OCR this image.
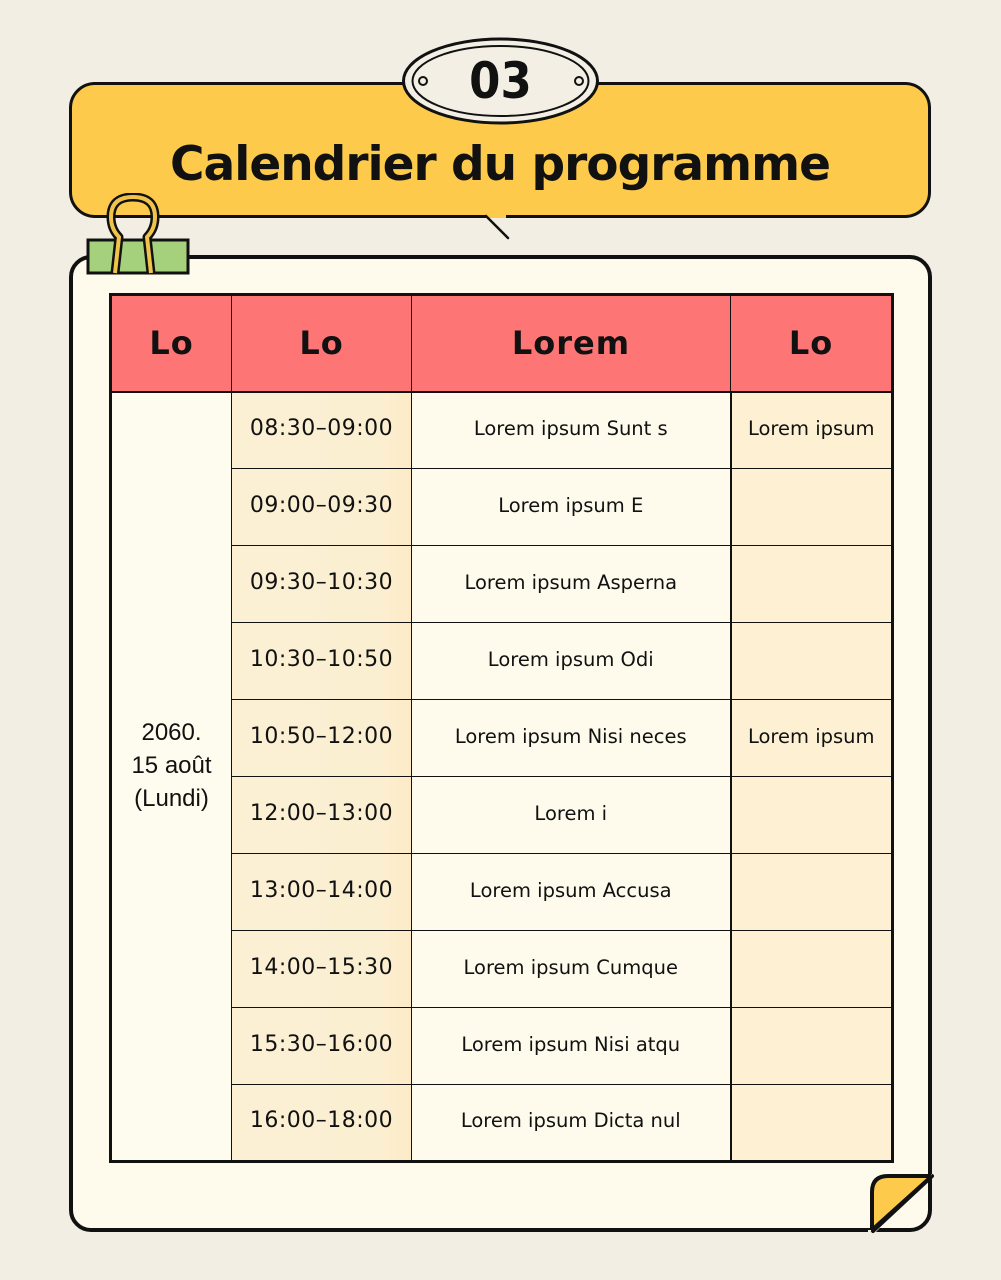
Calendrier du programme
03
Lo	Lo	Lorem	Lo

2060.
15 août
(Lundi)	08:30–09:00	Lorem ipsum Sunt s	Lorem ipsum
	09:00–09:30	Lorem ipsum E	
	09:30–10:30	Lorem ipsum Asperna	
	10:30–10:50	Lorem ipsum Odi	
	10:50–12:00	Lorem ipsum Nisi neces	Lorem ipsum
	12:00–13:00	Lorem i	
	13:00–14:00	Lorem ipsum Accusa	
	14:00–15:30	Lorem ipsum Cumque	
	15:30–16:00	Lorem ipsum Nisi atqu	
	16:00–18:00	Lorem ipsum Dicta nul	
